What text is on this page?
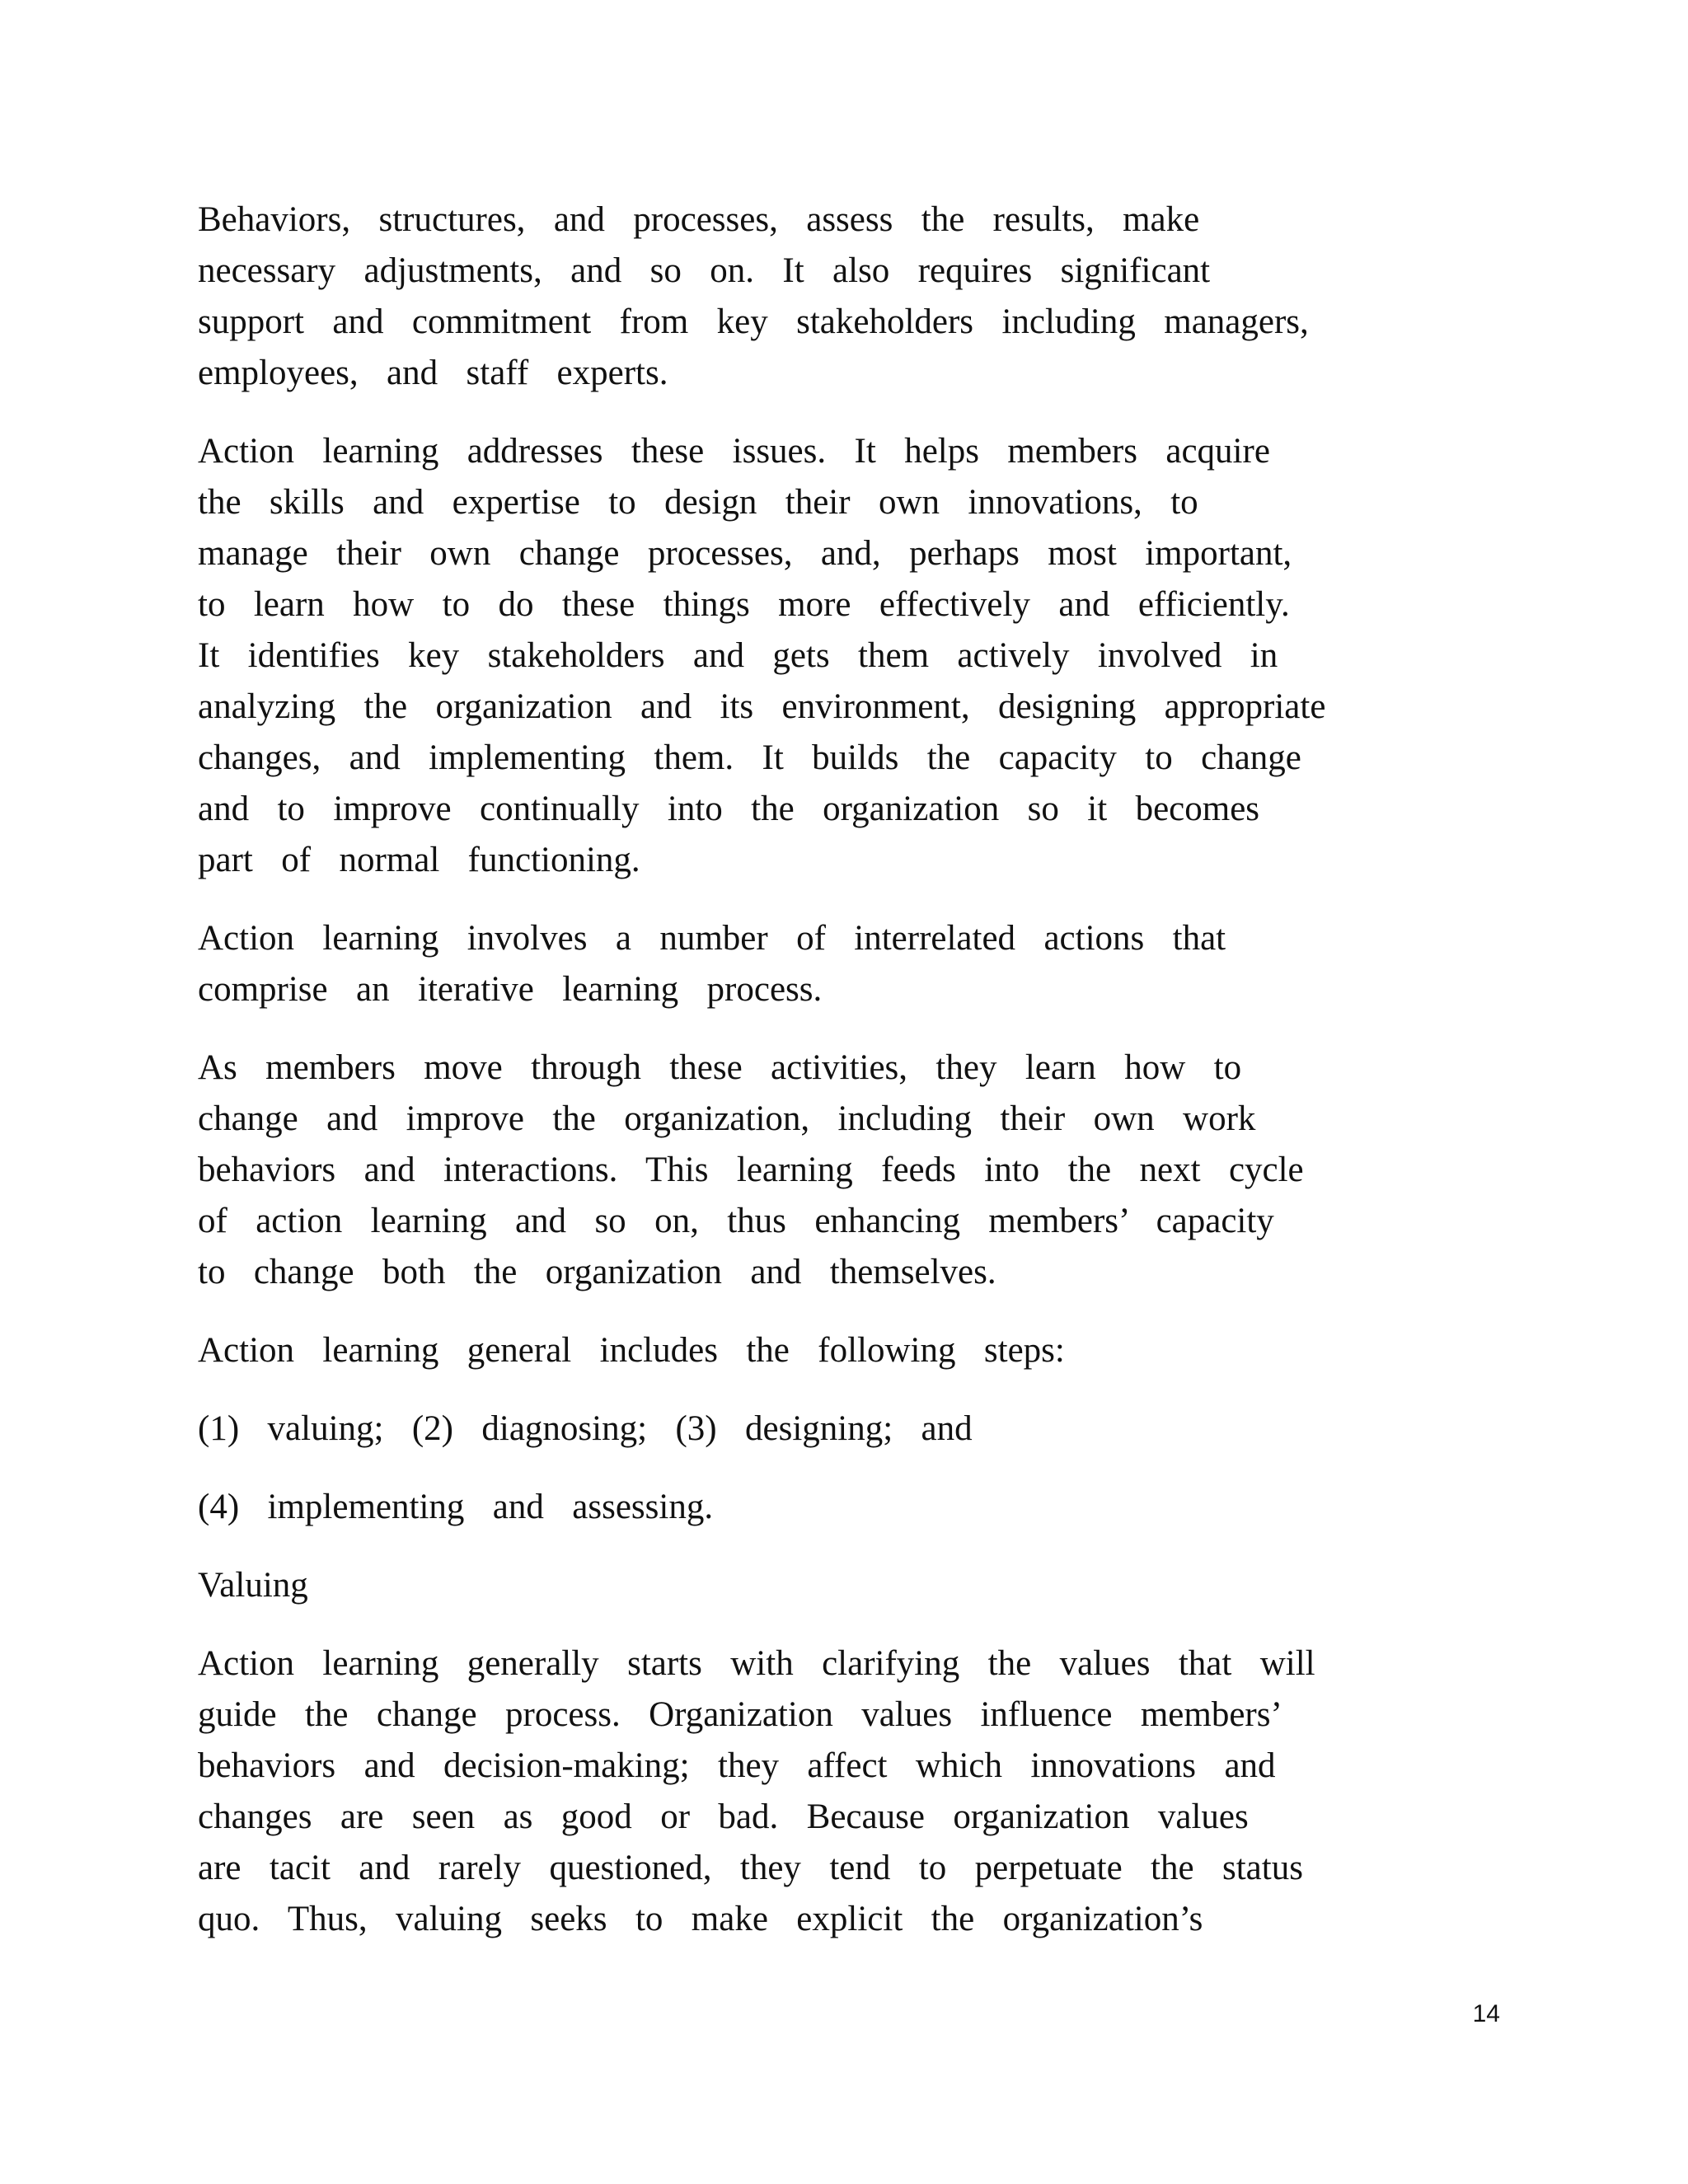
Behaviors, structures, and processes, assess the results, make
necessary adjustments, and so on. It also requires significant
support and commitment from key stakeholders including managers,
employees, and staff experts.

Action learning addresses these issues. It helps members acquire
the skills and expertise to design their own innovations, to
manage their own change processes, and, perhaps most important,
to learn how to do these things more effectively and efficiently.
It identifies key stakeholders and gets them actively involved in
analyzing the organization and its environment, designing appropriate
changes, and implementing them. It builds the capacity to change
and to improve continually into the organization so it becomes
part of normal functioning.

Action learning involves a number of interrelated actions that
comprise an iterative learning process.

As members move through these activities, they learn how to
change and improve the organization, including their own work
behaviors and interactions. This learning feeds into the next cycle
of action learning and so on, thus enhancing members’ capacity
to change both the organization and themselves.

Action learning general includes the following steps:

(1) valuing; (2) diagnosing; (3) designing; and

(4) implementing and assessing.

Valuing

Action learning generally starts with clarifying the values that will
guide the change process. Organization values influence members’
behaviors and decision-making; they affect which innovations and
changes are seen as good or bad. Because organization values
are tacit and rarely questioned, they tend to perpetuate the status
quo. Thus, valuing seeks to make explicit the organization’s

14
